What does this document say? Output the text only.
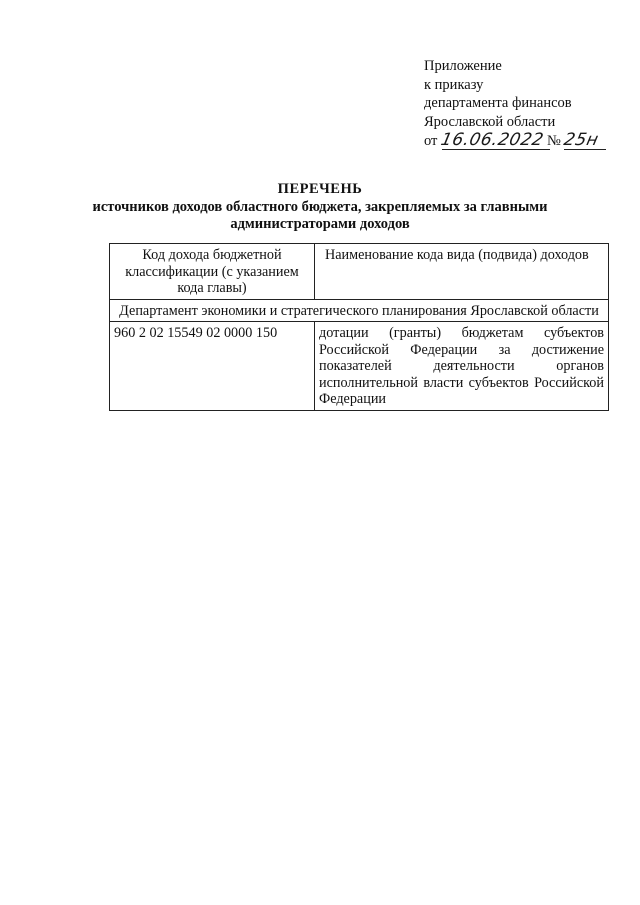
Приложение
к приказу
департамента финансов
Ярославской области
от 16.06.2022 № 25н
ПЕРЕЧЕНЬ
источников доходов областного бюджета, закрепляемых за главными
администраторами доходов
Код дохода бюджетной классификации (с указанием кода главы)	Наименование кода вида (подвида) доходов
Департамент экономики и стратегического планирования Ярославской области	
960 2 02 15549 02 0000 150	дотации (гранты) бюджетам субъектов Российской Федерации за достижение показателей деятельности органов исполнительной власти субъектов Российской Федерации
